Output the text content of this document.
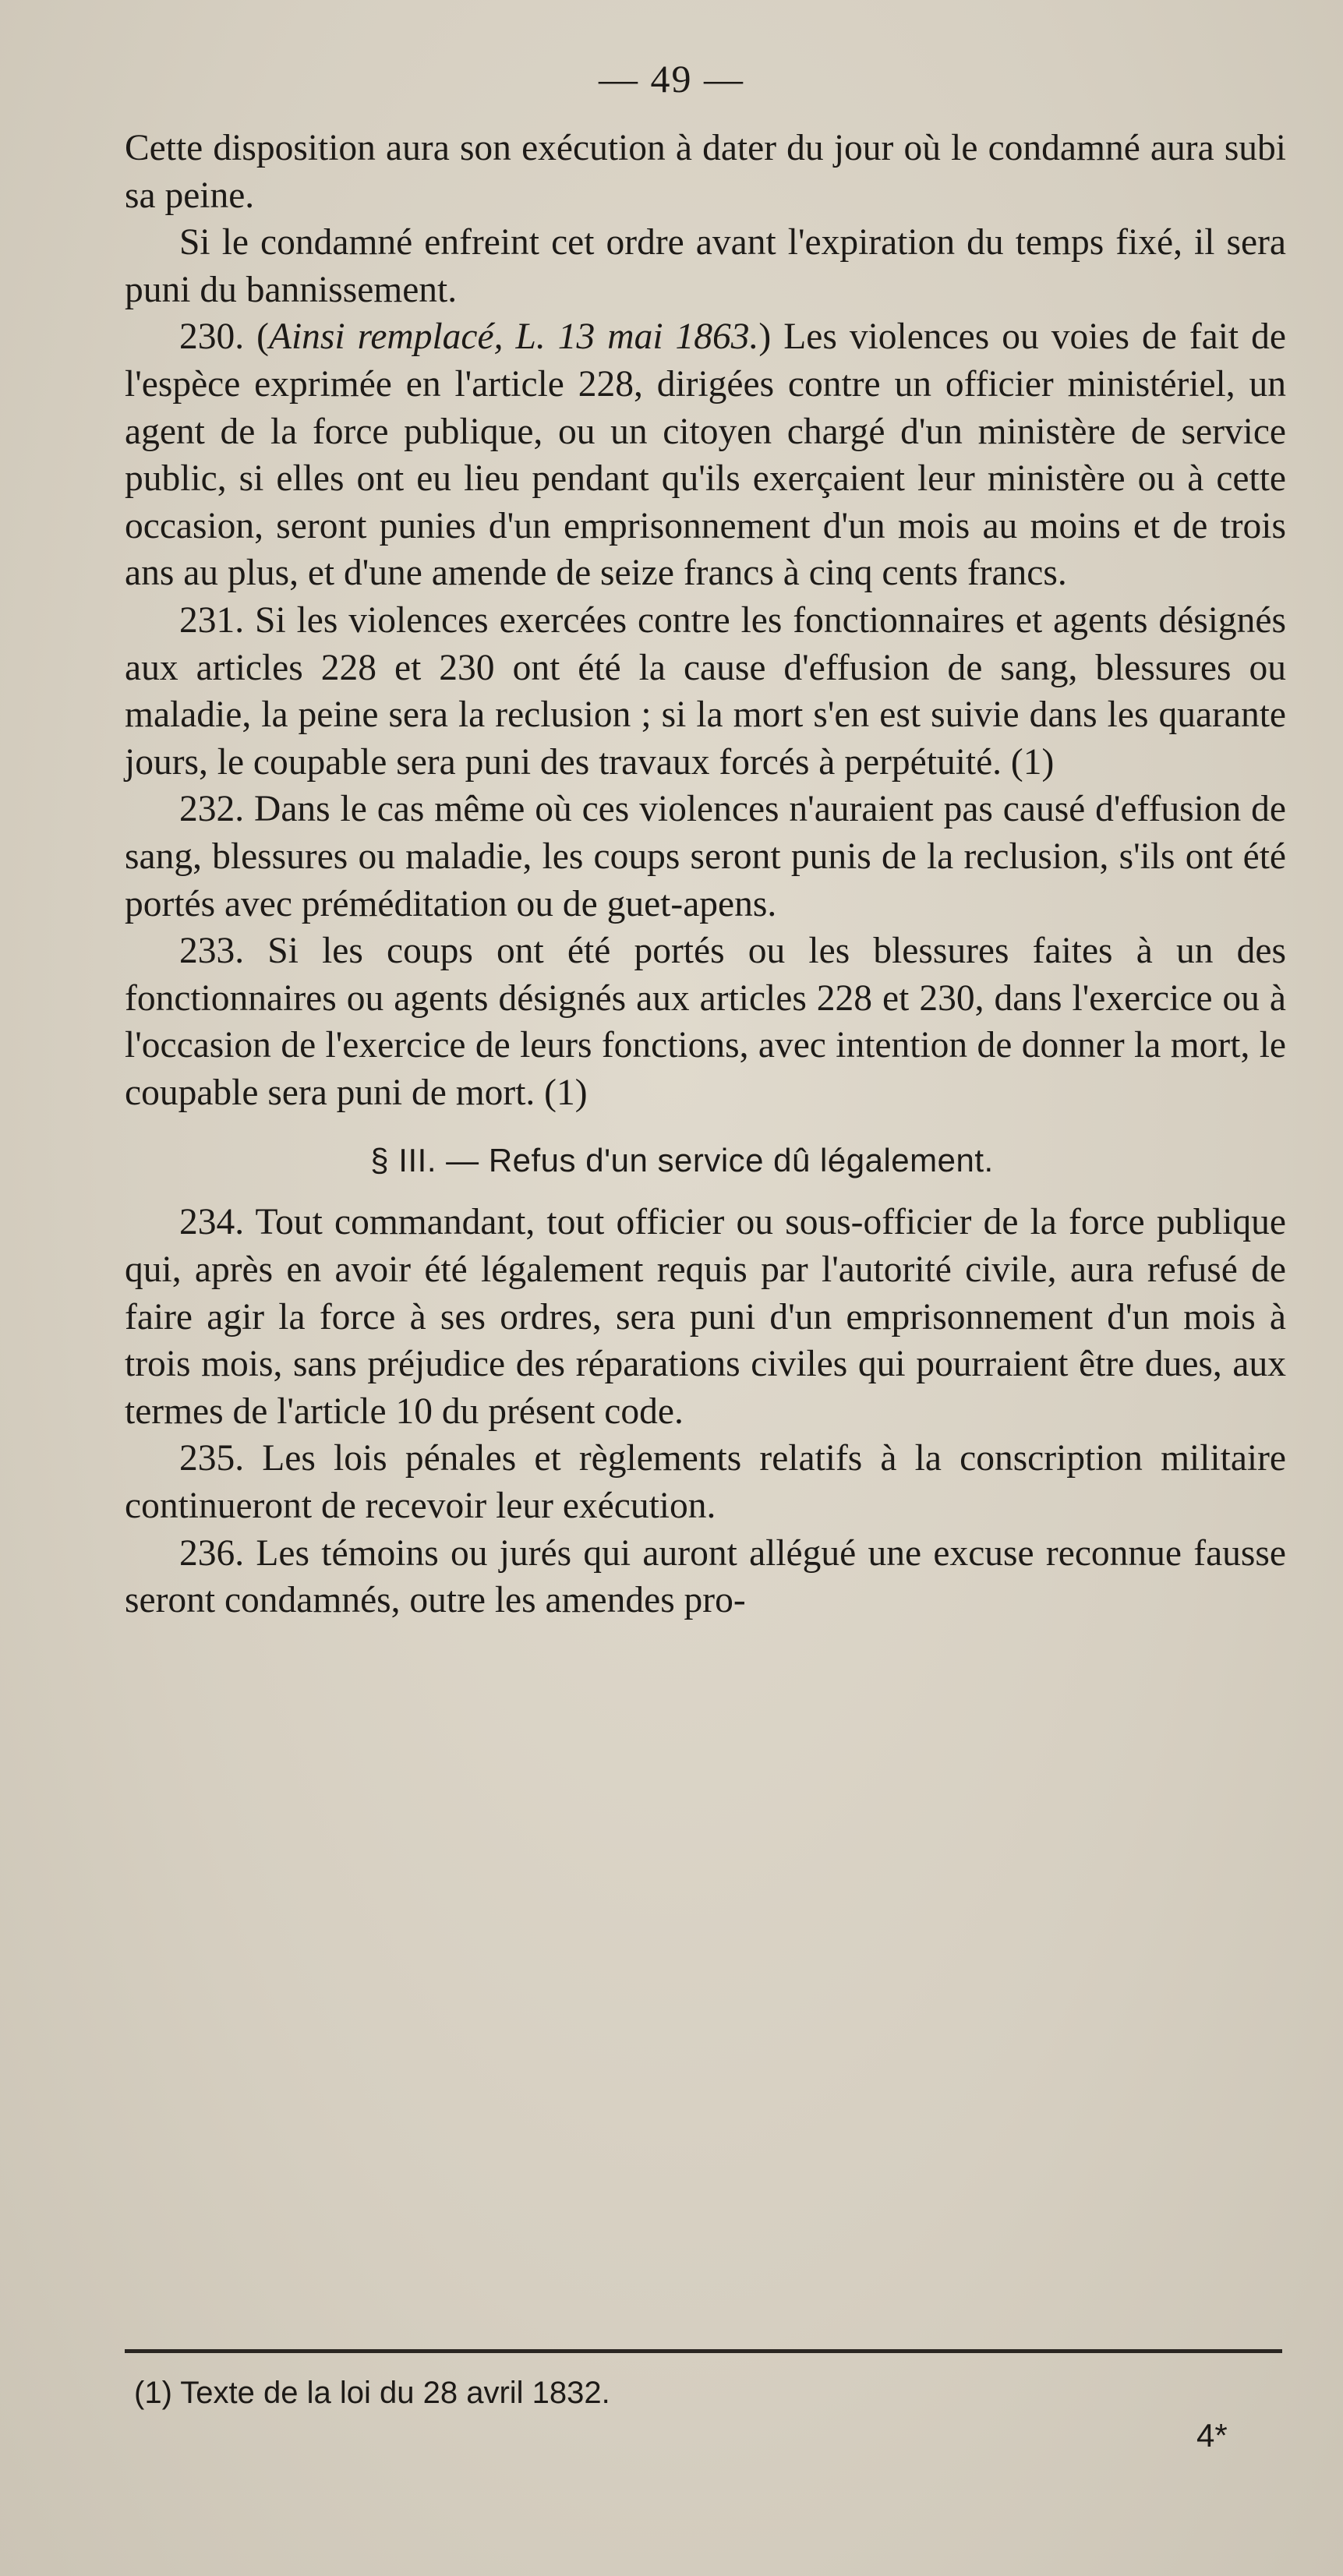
— 49 —

Cette disposition aura son exécution à dater du jour où le condamné aura subi sa peine.

Si le condamné enfreint cet ordre avant l'expiration du temps fixé, il sera puni du bannissement.

230. (Ainsi remplacé, L. 13 mai 1863.) Les violences ou voies de fait de l'espèce exprimée en l'article 228, dirigées contre un officier ministériel, un agent de la force publique, ou un citoyen chargé d'un ministère de service public, si elles ont eu lieu pendant qu'ils exerçaient leur ministère ou à cette occasion, seront punies d'un emprisonnement d'un mois au moins et de trois ans au plus, et d'une amende de seize francs à cinq cents francs.

231. Si les violences exercées contre les fonctionnaires et agents désignés aux articles 228 et 230 ont été la cause d'effusion de sang, blessures ou maladie, la peine sera la reclusion ; si la mort s'en est suivie dans les quarante jours, le coupable sera puni des travaux forcés à perpétuité. (1)

232. Dans le cas même où ces violences n'auraient pas causé d'effusion de sang, blessures ou maladie, les coups seront punis de la reclusion, s'ils ont été portés avec préméditation ou de guet-apens.

233. Si les coups ont été portés ou les blessures faites à un des fonctionnaires ou agents désignés aux articles 228 et 230, dans l'exercice ou à l'occasion de l'exercice de leurs fonctions, avec intention de donner la mort, le coupable sera puni de mort. (1)

§ III. — Refus d'un service dû légalement.

234. Tout commandant, tout officier ou sous-officier de la force publique qui, après en avoir été légalement requis par l'autorité civile, aura refusé de faire agir la force à ses ordres, sera puni d'un emprisonnement d'un mois à trois mois, sans préjudice des réparations civiles qui pourraient être dues, aux termes de l'article 10 du présent code.

235. Les lois pénales et règlements relatifs à la conscription militaire continueront de recevoir leur exécution.

236. Les témoins ou jurés qui auront allégué une excuse reconnue fausse seront condamnés, outre les amendes pro-

(1) Texte de la loi du 28 avril 1832.
4*
